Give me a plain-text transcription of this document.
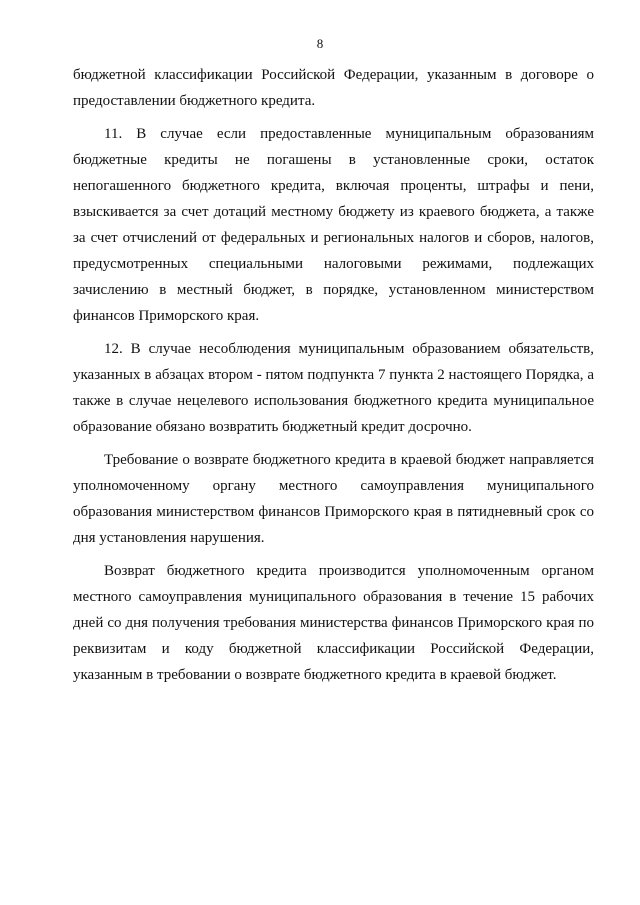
8

бюджетной классификации Российской Федерации, указанным в договоре о предоставлении бюджетного кредита.

11. В случае если предоставленные муниципальным образованиям бюджетные кредиты не погашены в установленные сроки, остаток непогашенного бюджетного кредита, включая проценты, штрафы и пени, взыскивается за счет дотаций местному бюджету из краевого бюджета, а также за счет отчислений от федеральных и региональных налогов и сборов, налогов, предусмотренных специальными налоговыми режимами, подлежащих зачислению в местный бюджет, в порядке, установленном министерством финансов Приморского края.

12. В случае несоблюдения муниципальным образованием обязательств, указанных в абзацах втором - пятом подпункта 7 пункта 2 настоящего Порядка, а также в случае нецелевого использования бюджетного кредита муниципальное образование обязано возвратить бюджетный кредит досрочно.

Требование о возврате бюджетного кредита в краевой бюджет направляется уполномоченному органу местного самоуправления муниципального образования министерством финансов Приморского края в пятидневный срок со дня установления нарушения.

Возврат бюджетного кредита производится уполномоченным органом местного самоуправления муниципального образования в течение 15 рабочих дней со дня получения требования министерства финансов Приморского края по реквизитам и коду бюджетной классификации Российской Федерации, указанным в требовании о возврате бюджетного кредита в краевой бюджет.
